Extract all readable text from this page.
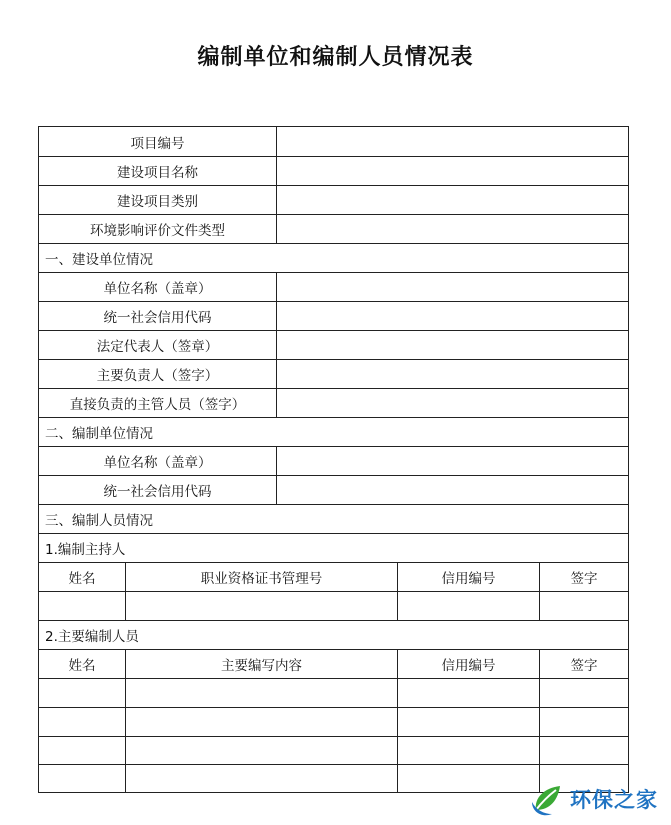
编制单位和编制人员情况表
项目编号				
建设项目名称				
建设项目类别				
环境影响评价文件类型				
一、建设单位情况				
单位名称（盖章）				
统一社会信用代码				
法定代表人（签章）				
主要负责人（签字）				
直接负责的主管人员（签字）				
二、编制单位情况				
单位名称（盖章）				
统一社会信用代码				
三、编制人员情况				
1.编制主持人				
姓名	职业资格证书管理号		信用编号	签字

2.主要编制人员				
姓名	主要编写内容		信用编号	签字

环保之家
